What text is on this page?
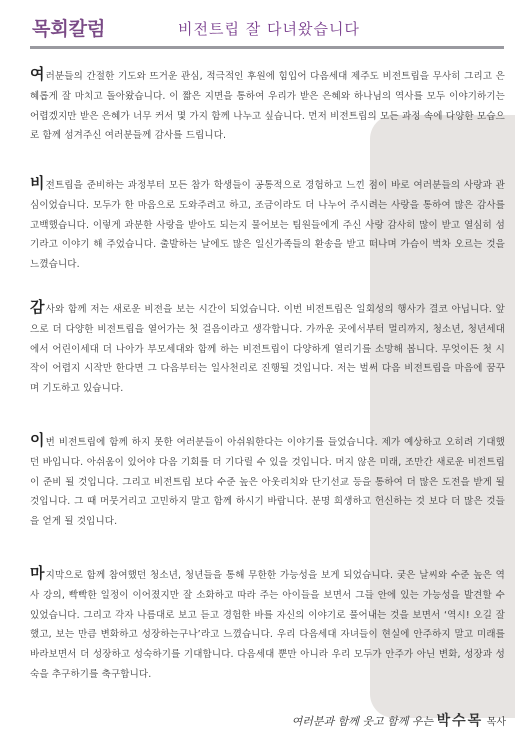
목회칼럼	비전트립 잘 다녀왔습니다

여러분들의 간절한 기도와 뜨거운 관심, 적극적인 후원에 힘입어 다음세대 제주도 비전트립을 무사히 그리고 은혜롭게 잘 마치고 돌아왔습니다. 이 짧은 지면을 통하여 우리가 받은 은혜와 하나님의 역사를 모두 이야기하기는 어렵겠지만 받은 은혜가 너무 커서 몇 가지 함께 나누고 싶습니다. 먼저 비전트립의 모든 과정 속에 다양한 모습으로 함께 섬겨주신 여러분들께 감사를 드립니다.

비전트립을 준비하는 과정부터 모든 참가 학생들이 공통적으로 경험하고 느낀 점이 바로 여러분들의 사랑과 관심이었습니다. 모두가 한 마음으로 도와주려고 하고, 조금이라도 더 나누어 주시려는 사랑을 통하여 많은 감사를 고백했습니다. 이렇게 과분한 사랑을 받아도 되는지 물어보는 팀원들에게 주신 사랑 감사히 많이 받고 열심히 섬기라고 이야기 해 주었습니다. 출발하는 날에도 많은 일신가족들의 환송을 받고 떠나며 가슴이 벅차 오르는 것을 느꼈습니다.

감사와 함께 저는 새로운 비전을 보는 시간이 되었습니다. 이번 비전트립은 일회성의 행사가 결코 아닙니다. 앞으로 더 다양한 비전트립을 열어가는 첫 걸음이라고 생각합니다. 가까운 곳에서부터 멀리까지, 청소년, 청년세대에서 어린이세대 더 나아가 부모세대와 함께 하는 비전트립이 다양하게 열리기를 소망해 봅니다. 무엇이든 첫 시작이 어렵지 시작만 한다면 그 다음부터는 일사천리로 진행될 것입니다. 저는 벌써 다음 비전트립을 마음에 꿈꾸며 기도하고 있습니다.

이번 비전트립에 함께 하지 못한 여러분들이 아쉬워한다는 이야기를 들었습니다. 제가 예상하고 오히려 기대했던 바입니다. 아쉬움이 있어야 다음 기회를 더 기다릴 수 있을 것입니다. 머지 않은 미래, 조만간 새로운 비전트립이 준비 될 것입니다. 그리고 비전트립 보다 수준 높은 아웃리치와 단기선교 등을 통하여 더 많은 도전을 받게 될 것입니다. 그 때 머뭇거리고 고민하지 말고 함께 하시기 바랍니다. 분명 희생하고 헌신하는 것 보다 더 많은 것들을 얻게 될 것입니다.

마지막으로 함께 참여했던 청소년, 청년들을 통해 무한한 가능성을 보게 되었습니다. 궂은 날씨와 수준 높은 역사 강의, 빡빡한 일정이 이어졌지만 잘 소화하고 따라 주는 아이들을 보면서 그들 안에 있는 가능성을 발견할 수 있었습니다. 그리고 각자 나름대로 보고 듣고 경험한 바를 자신의 이야기로 풀어내는 것을 보면서 ‘역시! 오길 잘 했고, 보는 만큼 변화하고 성장하는구나’라고 느꼈습니다. 우리 다음세대 자녀들이 현실에 안주하지 말고 미래를 바라보면서 더 성장하고 성숙하기를 기대합니다. 다음세대 뿐만 아니라 우리 모두가 안주가 아닌 변화, 성장과 성숙을 추구하기를 축구합니다.

여러분과 함께 웃고 함께 우는 박수목 목사
